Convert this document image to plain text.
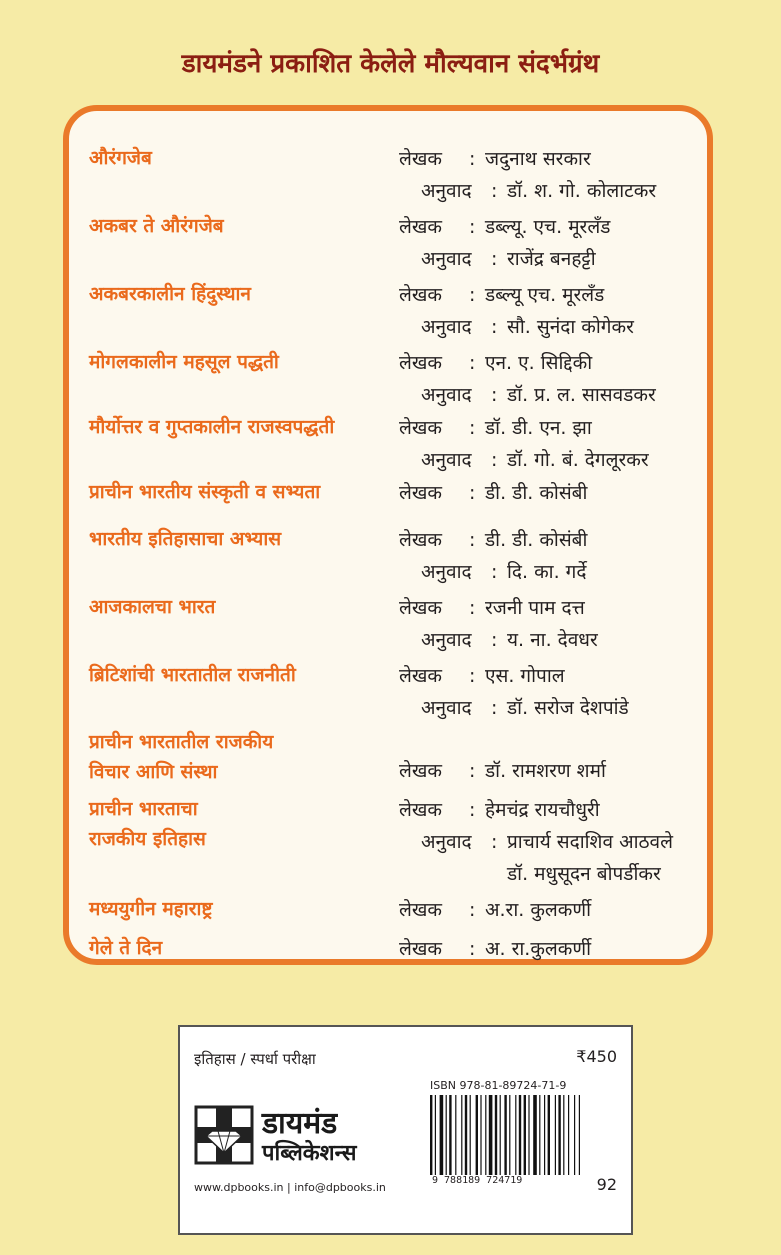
डायमंडने प्रकाशित केलेले मौल्यवान संदर्भग्रंथ
औरंगजेब	लेखक	: जदुनाथ सरकार
अनुवाद	: डॉ. श. गो. कोलाटकर
अकबर ते औरंगजेब	लेखक	: डब्ल्यू. एच. मूरलँड
अनुवाद	: राजेंद्र बनहट्टी
अकबरकालीन हिंदुस्थान	लेखक	: डब्ल्यू एच. मूरलँड
अनुवाद	: सौ. सुनंदा कोगेकर
मोगलकालीन महसूल पद्धती	लेखक	: एन. ए. सिद्दिकी
अनुवाद	: डॉ. प्र. ल. सासवडकर
मौर्योत्तर व गुप्तकालीन राजस्वपद्धती	लेखक	: डॉ. डी. एन. झा
अनुवाद	: डॉ. गो. बं. देगलूरकर
प्राचीन भारतीय संस्कृती व सभ्यता	लेखक	: डी. डी. कोसंबी
भारतीय इतिहासाचा अभ्यास	लेखक	: डी. डी. कोसंबी
अनुवाद	: दि. का. गर्दे
आजकालचा भारत	लेखक	: रजनी पाम दत्त
अनुवाद	: य. ना. देवधर
ब्रिटिशांची भारतातील राजनीती	लेखक	: एस. गोपाल
अनुवाद	: डॉ. सरोज देशपांडे
प्राचीन भारतातील राजकीय
विचार आणि संस्था	लेखक	: डॉ. रामशरण शर्मा
प्राचीन भारताचा
राजकीय इतिहास
लेखक	: हेमचंद्र रायचौधुरी
अनुवाद	: प्राचार्य सदाशिव आठवले
डॉ. मधुसूदन बोपर्डीकर
मध्ययुगीन महाराष्ट्र	लेखक	: अ.रा. कुलकर्णी
गेले ते दिन	लेखक	: अ. रा.कुलकर्णी
इतिहास / स्पर्धा परीक्षा	₹450
ISBN 978-81-89724-71-9
डायमंड
पब्लिकेशन्स
9 788189 724719	92
www.dpbooks.in | info@dpbooks.in
